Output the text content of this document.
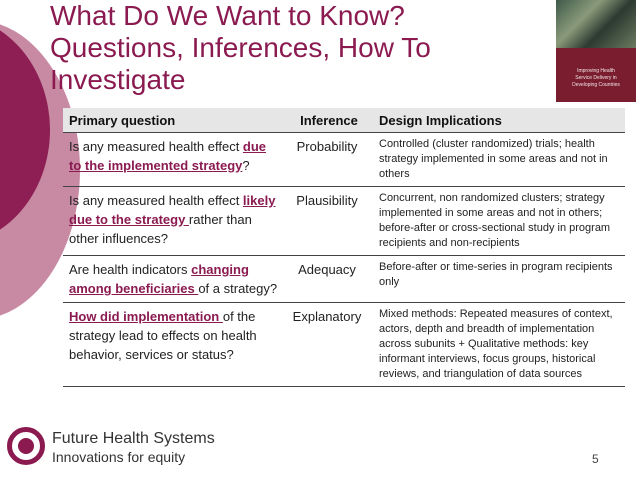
What Do We Want to Know?
Questions, Inferences, How To
Investigate	Improving Health
Service Delivery in
Developing Countries
Primary question	Inference	Design Implications
Is any measured health effect due to the implemented strategy?	Probability	Controlled (cluster randomized) trials; health strategy implemented in some areas and not in others
Is any measured health effect likely due to the strategy rather than other influences?	Plausibility	Concurrent, non randomized clusters; strategy implemented in some areas and not in others; before-after or cross-sectional study in program recipients and non-recipients
Are health indicators changing among beneficiaries of a strategy?	Adequacy	Before-after or time-series in program recipients only
How did implementation of the strategy lead to effects on health behavior, services or status?	Explanatory	Mixed methods: Repeated measures of context, actors, depth and breadth of implementation across subunits + Qualitative methods: key informant interviews, focus groups, historical reviews, and triangulation of data sources
Future Health Systems
Innovations for equity	5
